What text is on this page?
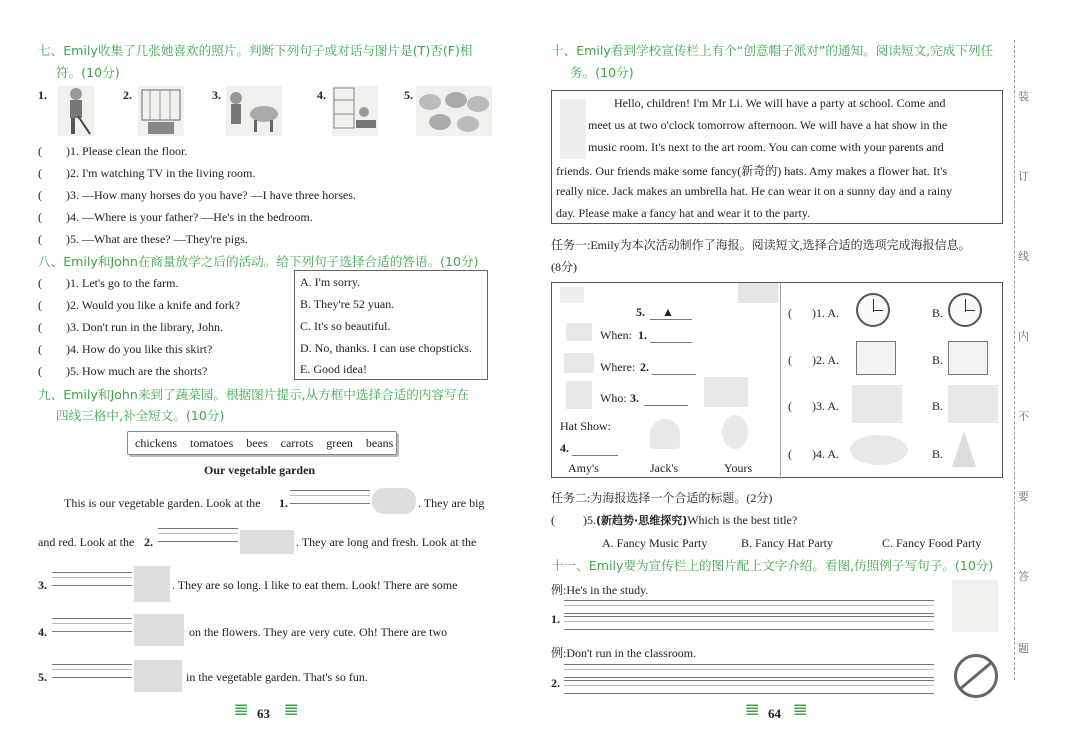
七、Emily收集了几张她喜欢的照片。判断下列句子或对话与图片是(T)否(F)相
符。(10分)
1.	2.	3.	4.	5.
( )1. Please clean the floor.
( )2. I'm watching TV in the living room.
( )3. —How many horses do you have? —I have three horses.
( )4. —Where is your father? —He's in the bedroom.
( )5. —What are these? —They're pigs.
八、Emily和John在商量放学之后的活动。给下列句子选择合适的答语。(10分)
( )1. Let's go to the farm.
( )2. Would you like a knife and fork?
( )3. Don't run in the library, John.
( )4. How do you like this skirt?
( )5. How much are the shorts?
A. I'm sorry.
B. They're 52 yuan.
C. It's so beautiful.
D. No, thanks. I can use chopsticks.
E. Good idea!
九、Emily和John来到了蔬菜园。根据图片提示,从方框中选择合适的内容写在
四线三格中,补全短文。(10分)
chickens tomatoes bees carrots green beans
Our vegetable garden
This is our vegetable garden. Look at the 1.	. They are big
and red. Look at the 2.	. They are long and fresh. Look at the
3.	. They are so long. I like to eat them. Look! There are some
4.	on the flowers. They are very cute. Oh! There are two
5.	in the vegetable garden. That's so fun.
𝌆 63 𝌆
十、Emily看到学校宣传栏上有个“创意帽子派对”的通知。阅读短文,完成下列任
务。(10分)
Hello, children! I'm Mr Li. We will have a party at school. Come and
meet us at two o'clock tomorrow afternoon. We will have a hat show in the
music room. It's next to the art room. You can come with your parents and
friends. Our friends make some fancy(新奇的) hats. Amy makes a flower hat. It's
really nice. Jack makes an umbrella hat. He can wear it on a sunny day and a rainy
day. Please make a fancy hat and wear it to the party.
任务一:Emily为本次活动制作了海报。阅读短文,选择合适的选项完成海报信息。
(8分)
5. ▲
When: 1.
Where: 2.
Who: 3.
Hat Show:
4.
Amy's	Jack's	Yours
( )1. A.	B.
( )2. A.	B.
( )3. A.	B.
( )4. A.	B.
任务二:为海报选择一个合适的标题。(2分)
( )5.(新趋势·思维探究)Which is the best title?
A. Fancy Music Party	B. Fancy Hat Party	C. Fancy Food Party
十一、Emily要为宣传栏上的图片配上文字介绍。看图,仿照例子写句子。(10分)
例:He's in the study.
1.
例:Don't run in the classroom.
2.
𝌆 64 𝌆
装
订
线
内
不
要
答
题
